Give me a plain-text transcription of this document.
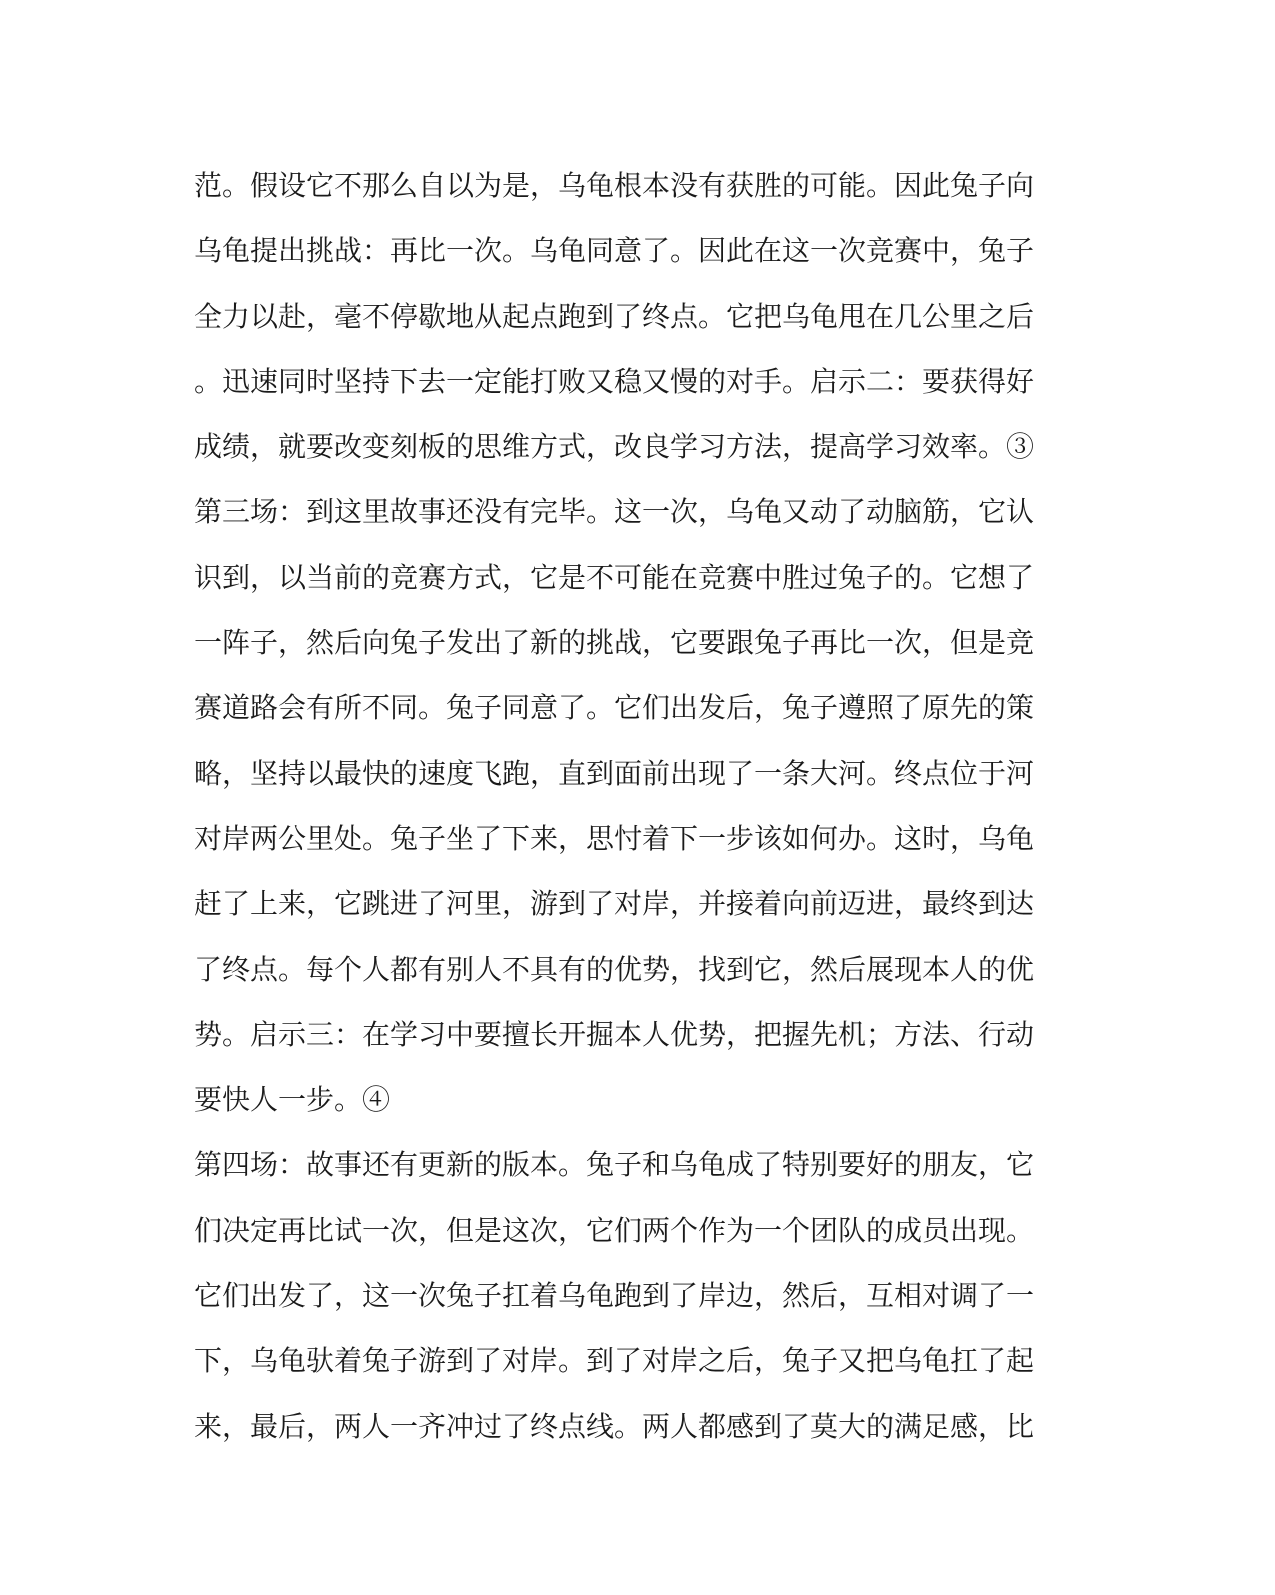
范。假设它不那么自以为是，乌龟根本没有获胜的可能。因此兔子向
乌龟提出挑战：再比一次。乌龟同意了。因此在这一次竞赛中，兔子
全力以赴，毫不停歇地从起点跑到了终点。它把乌龟甩在几公里之后
。迅速同时坚持下去一定能打败又稳又慢的对手。启示二：要获得好
成绩，就要改变刻板的思维方式，改良学习方法，提高学习效率。③
第三场：到这里故事还没有完毕。这一次，乌龟又动了动脑筋，它认
识到，以当前的竞赛方式，它是不可能在竞赛中胜过兔子的。它想了
一阵子，然后向兔子发出了新的挑战，它要跟兔子再比一次，但是竞
赛道路会有所不同。兔子同意了。它们出发后，兔子遵照了原先的策
略，坚持以最快的速度飞跑，直到面前出现了一条大河。终点位于河
对岸两公里处。兔子坐了下来，思忖着下一步该如何办。这时，乌龟
赶了上来，它跳进了河里，游到了对岸，并接着向前迈进，最终到达
了终点。每个人都有别人不具有的优势，找到它，然后展现本人的优
势。启示三：在学习中要擅长开掘本人优势，把握先机；方法、行动
要快人一步。④
第四场：故事还有更新的版本。兔子和乌龟成了特别要好的朋友，它
们决定再比试一次，但是这次，它们两个作为一个团队的成员出现。
它们出发了，这一次兔子扛着乌龟跑到了岸边，然后，互相对调了一
下，乌龟驮着兔子游到了对岸。到了对岸之后，兔子又把乌龟扛了起
来，最后，两人一齐冲过了终点线。两人都感到了莫大的满足感，比
